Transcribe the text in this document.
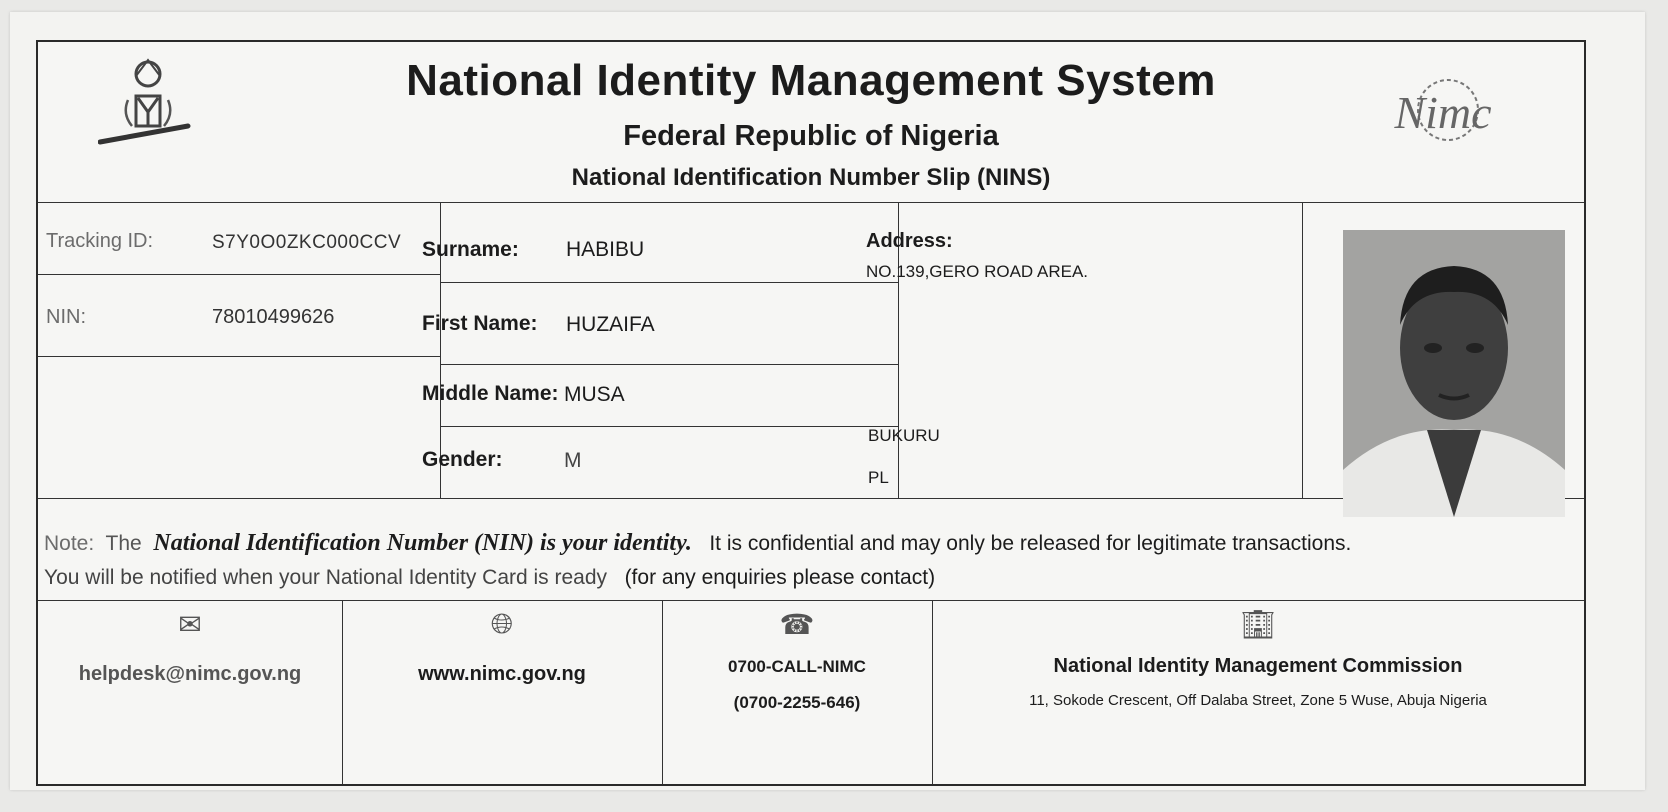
National Identity Management System
Federal Republic of Nigeria
National Identification Number Slip (NINS)
Nimc
Tracking ID:	S7Y0O0ZKC000CCV
NIN:	78010499626
Surname: HABIBU
First Name: HUZAIFA
Middle Name: MUSA
Gender:	M
Address:
NO.139,GERO ROAD AREA.
BUKURU
PL
Note: The National Identification Number (NIN) is your identity. It is confidential and may only be released for legitimate transactions.
You will be notified when your National Identity Card is ready (for any enquiries please contact)
✉
helpdesk@nimc.gov.ng
🌐︎
www.nimc.gov.ng
☎
0700-CALL-NIMC
(0700-2255-646)
🏢︎
National Identity Management Commission
11, Sokode Crescent, Off Dalaba Street, Zone 5 Wuse, Abuja Nigeria
